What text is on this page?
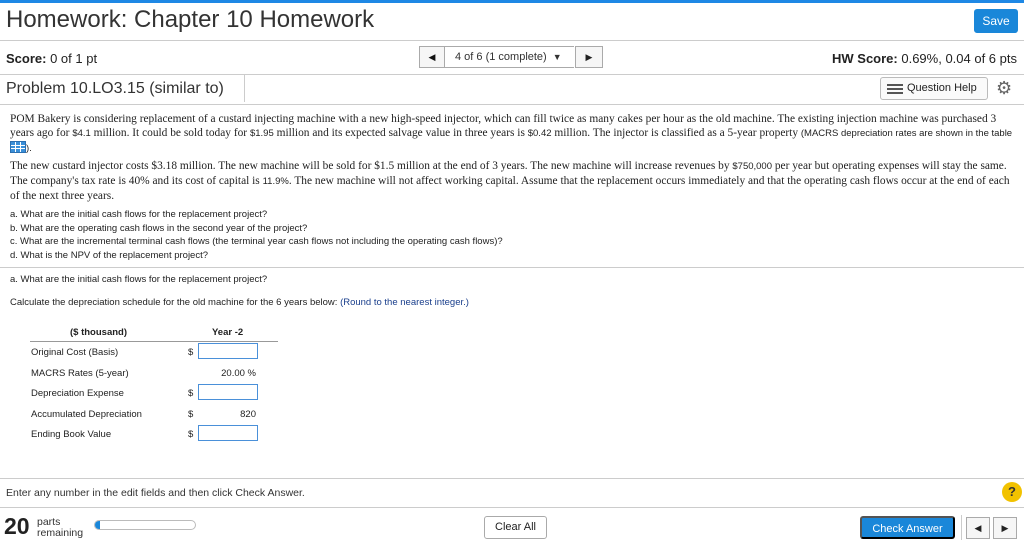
Homework: Chapter 10 Homework	Save
Score: 0 of 1 pt	◀	4 of 6 (1 complete) ▼	▶	HW Score: 0.69%, 0.04 of 6 pts
Problem 10.LO3.15 (similar to)	Question Help	⚙
POM Bakery is considering replacement of a custard injecting machine with a new high-speed injector, which can fill twice as many cakes per hour as the old machine. The existing injection machine was purchased 3 years ago for $4.1 million. It could be sold today for $1.95 million and its expected salvage value in three years is $0.42 million. The injector is classified as a 5-year property (MACRS depreciation rates are shown in the table ).
The new custard injector costs $3.18 million. The new machine will be sold for $1.5 million at the end of 3 years. The new machine will increase revenues by $750,000 per year but operating expenses will stay the same. The company's tax rate is 40% and its cost of capital is 11.9%. The new machine will not affect working capital. Assume that the replacement occurs immediately and that the operating cash flows occur at the end of each of the next three years.
a. What are the initial cash flows for the replacement project?
b. What are the operating cash flows in the second year of the project?
c. What are the incremental terminal cash flows (the terminal year cash flows not including the operating cash flows)?
d. What is the NPV of the replacement project?
a. What are the initial cash flows for the replacement project?
Calculate the depreciation schedule for the old machine for the 6 years below: (Round to the nearest integer.)
($ thousand)	Year -2
Original Cost (Basis)	$
MACRS Rates (5-year)	20.00 %
Depreciation Expense	$
Accumulated Depreciation	$	820
Ending Book Value	$
Enter any number in the edit fields and then click Check Answer.	?
20 parts
remaining	Clear All	Check Answer	◀	▶
